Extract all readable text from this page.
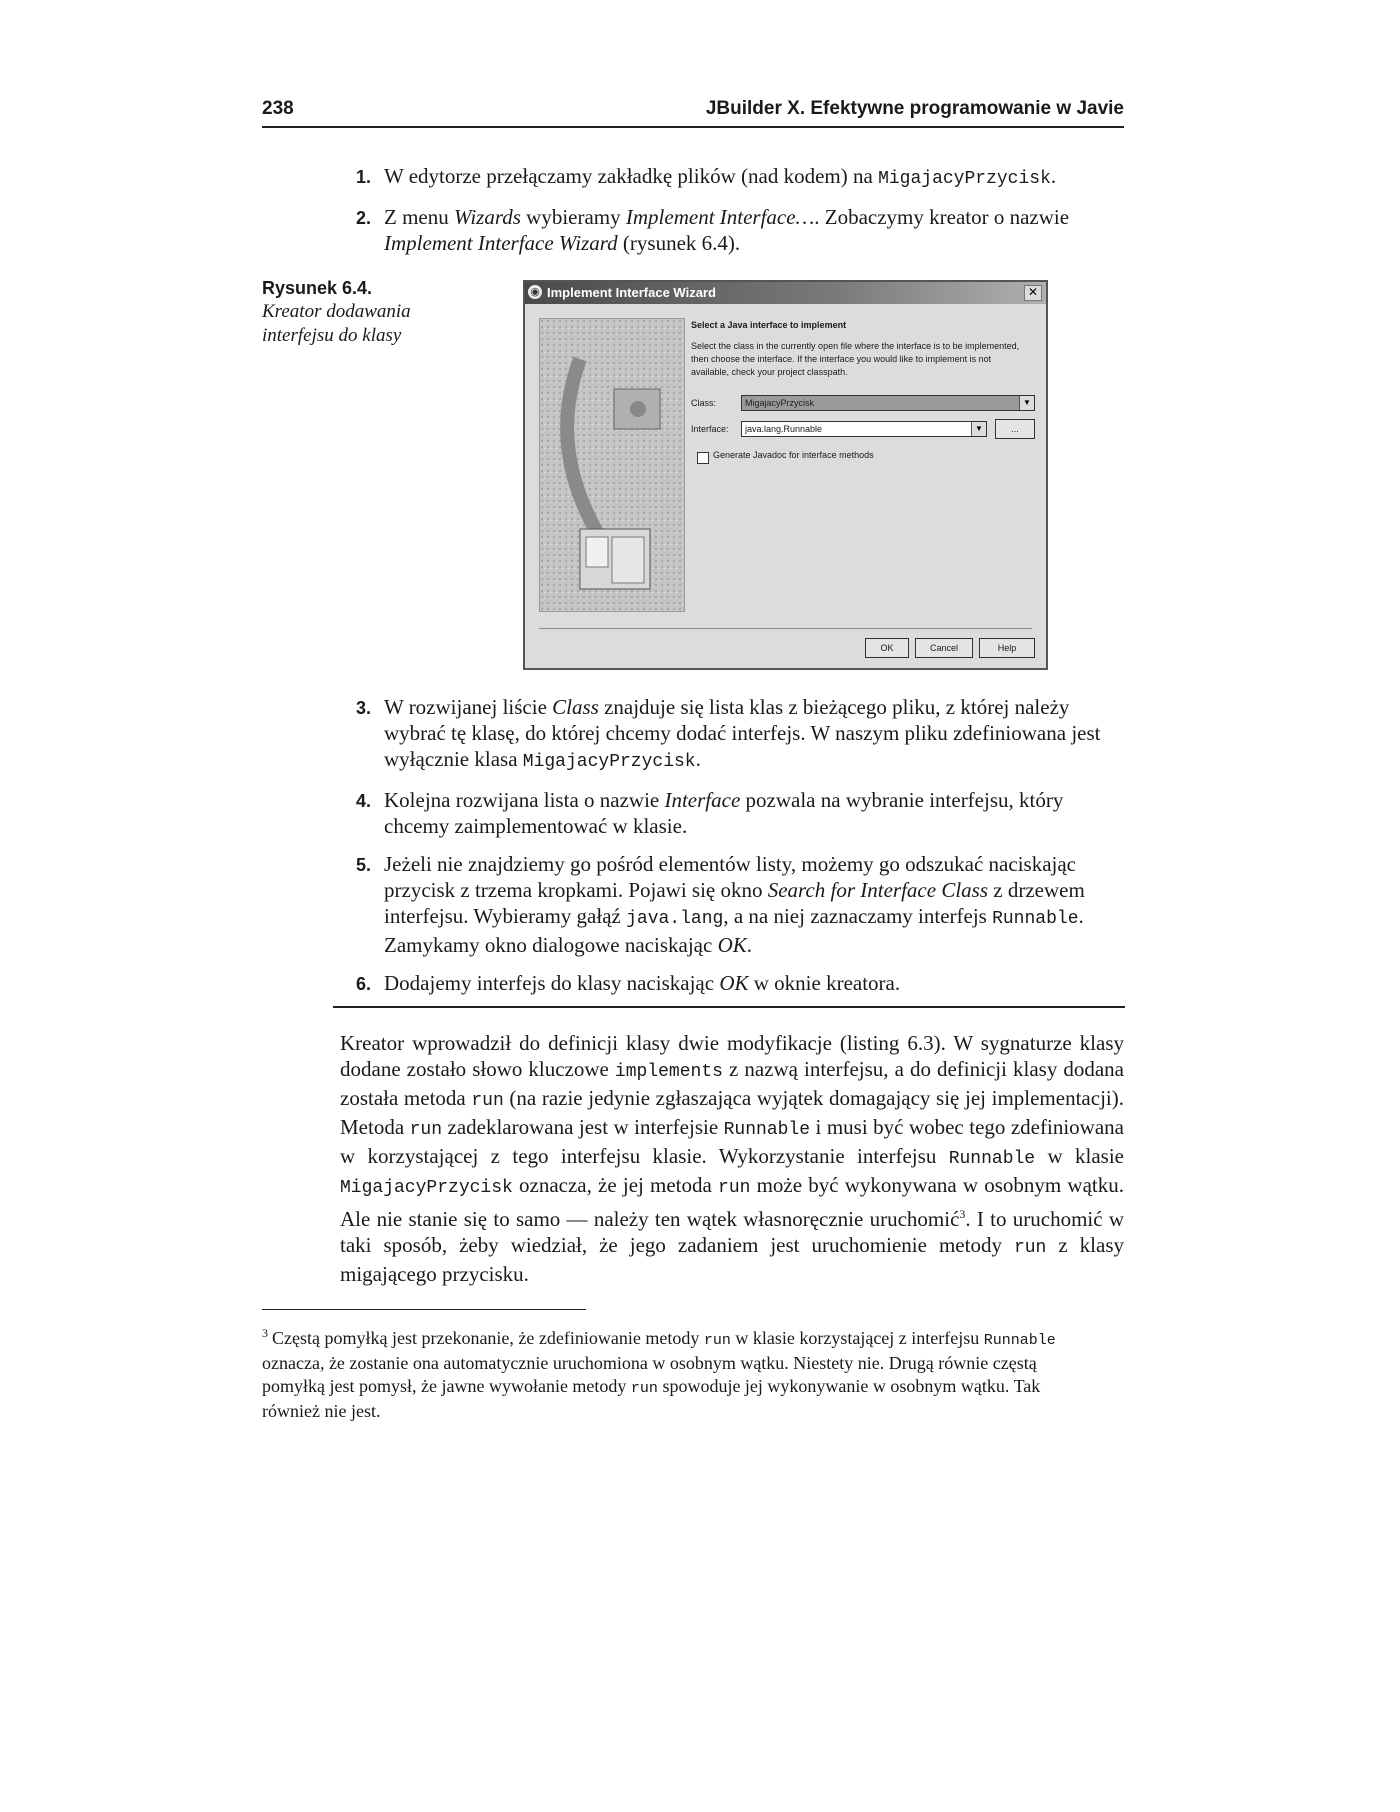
238	JBuilder X. Efektywne programowanie w Javie
1. W edytorze przełączamy zakładkę plików (nad kodem) na MigajacyPrzycisk.
2. Z menu Wizards wybieramy Implement Interface…. Zobaczymy kreator o nazwie Implement Interface Wizard (rysunek 6.4).
Rysunek 6.4.
Kreator dodawania interfejsu do klasy
◉ Implement Interface Wizard	✕
Select a Java interface to implement
Select the class in the currently open file where the interface is to be implemented, then choose the interface. If the interface you would like to implement is not available, check your project classpath.
Class:	MigajacyPrzycisk	▼
Interface:	java.lang.Runnable	▼	...
Generate Javadoc for interface methods
OK	Cancel	Help
3. W rozwijanej liście Class znajduje się lista klas z bieżącego pliku, z której należy wybrać tę klasę, do której chcemy dodać interfejs. W naszym pliku zdefiniowana jest wyłącznie klasa MigajacyPrzycisk.
4. Kolejna rozwijana lista o nazwie Interface pozwala na wybranie interfejsu, który chcemy zaimplementować w klasie.
5. Jeżeli nie znajdziemy go pośród elementów listy, możemy go odszukać naciskając przycisk z trzema kropkami. Pojawi się okno Search for Interface Class z drzewem interfejsu. Wybieramy gałąź java.lang, a na niej zaznaczamy interfejs Runnable. Zamykamy okno dialogowe naciskając OK.
6. Dodajemy interfejs do klasy naciskając OK w oknie kreatora.
Kreator wprowadził do definicji klasy dwie modyfikacje (listing 6.3). W sygnaturze klasy dodane zostało słowo kluczowe implements z nazwą interfejsu, a do definicji klasy dodana została metoda run (na razie jedynie zgłaszająca wyjątek domagający się jej implementacji). Metoda run zadeklarowana jest w interfejsie Runnable i musi być wobec tego zdefiniowana w korzystającej z tego interfejsu klasie. Wykorzystanie interfejsu Runnable w klasie MigajacyPrzycisk oznacza, że jej metoda run może być wykonywana w osobnym wątku. Ale nie stanie się to samo — należy ten wątek własnoręcznie uruchomić$^3$. I to uruchomić w taki sposób, żeby wiedział, że jego zadaniem jest uruchomienie metody run z klasy migającego przycisku.
$^3$ Częstą pomyłką jest przekonanie, że zdefiniowanie metody run w klasie korzystającej z interfejsu Runnable oznacza, że zostanie ona automatycznie uruchomiona w osobnym wątku. Niestety nie. Drugą równie częstą pomyłką jest pomysł, że jawne wywołanie metody run spowoduje jej wykonywanie w osobnym wątku. Tak również nie jest.
